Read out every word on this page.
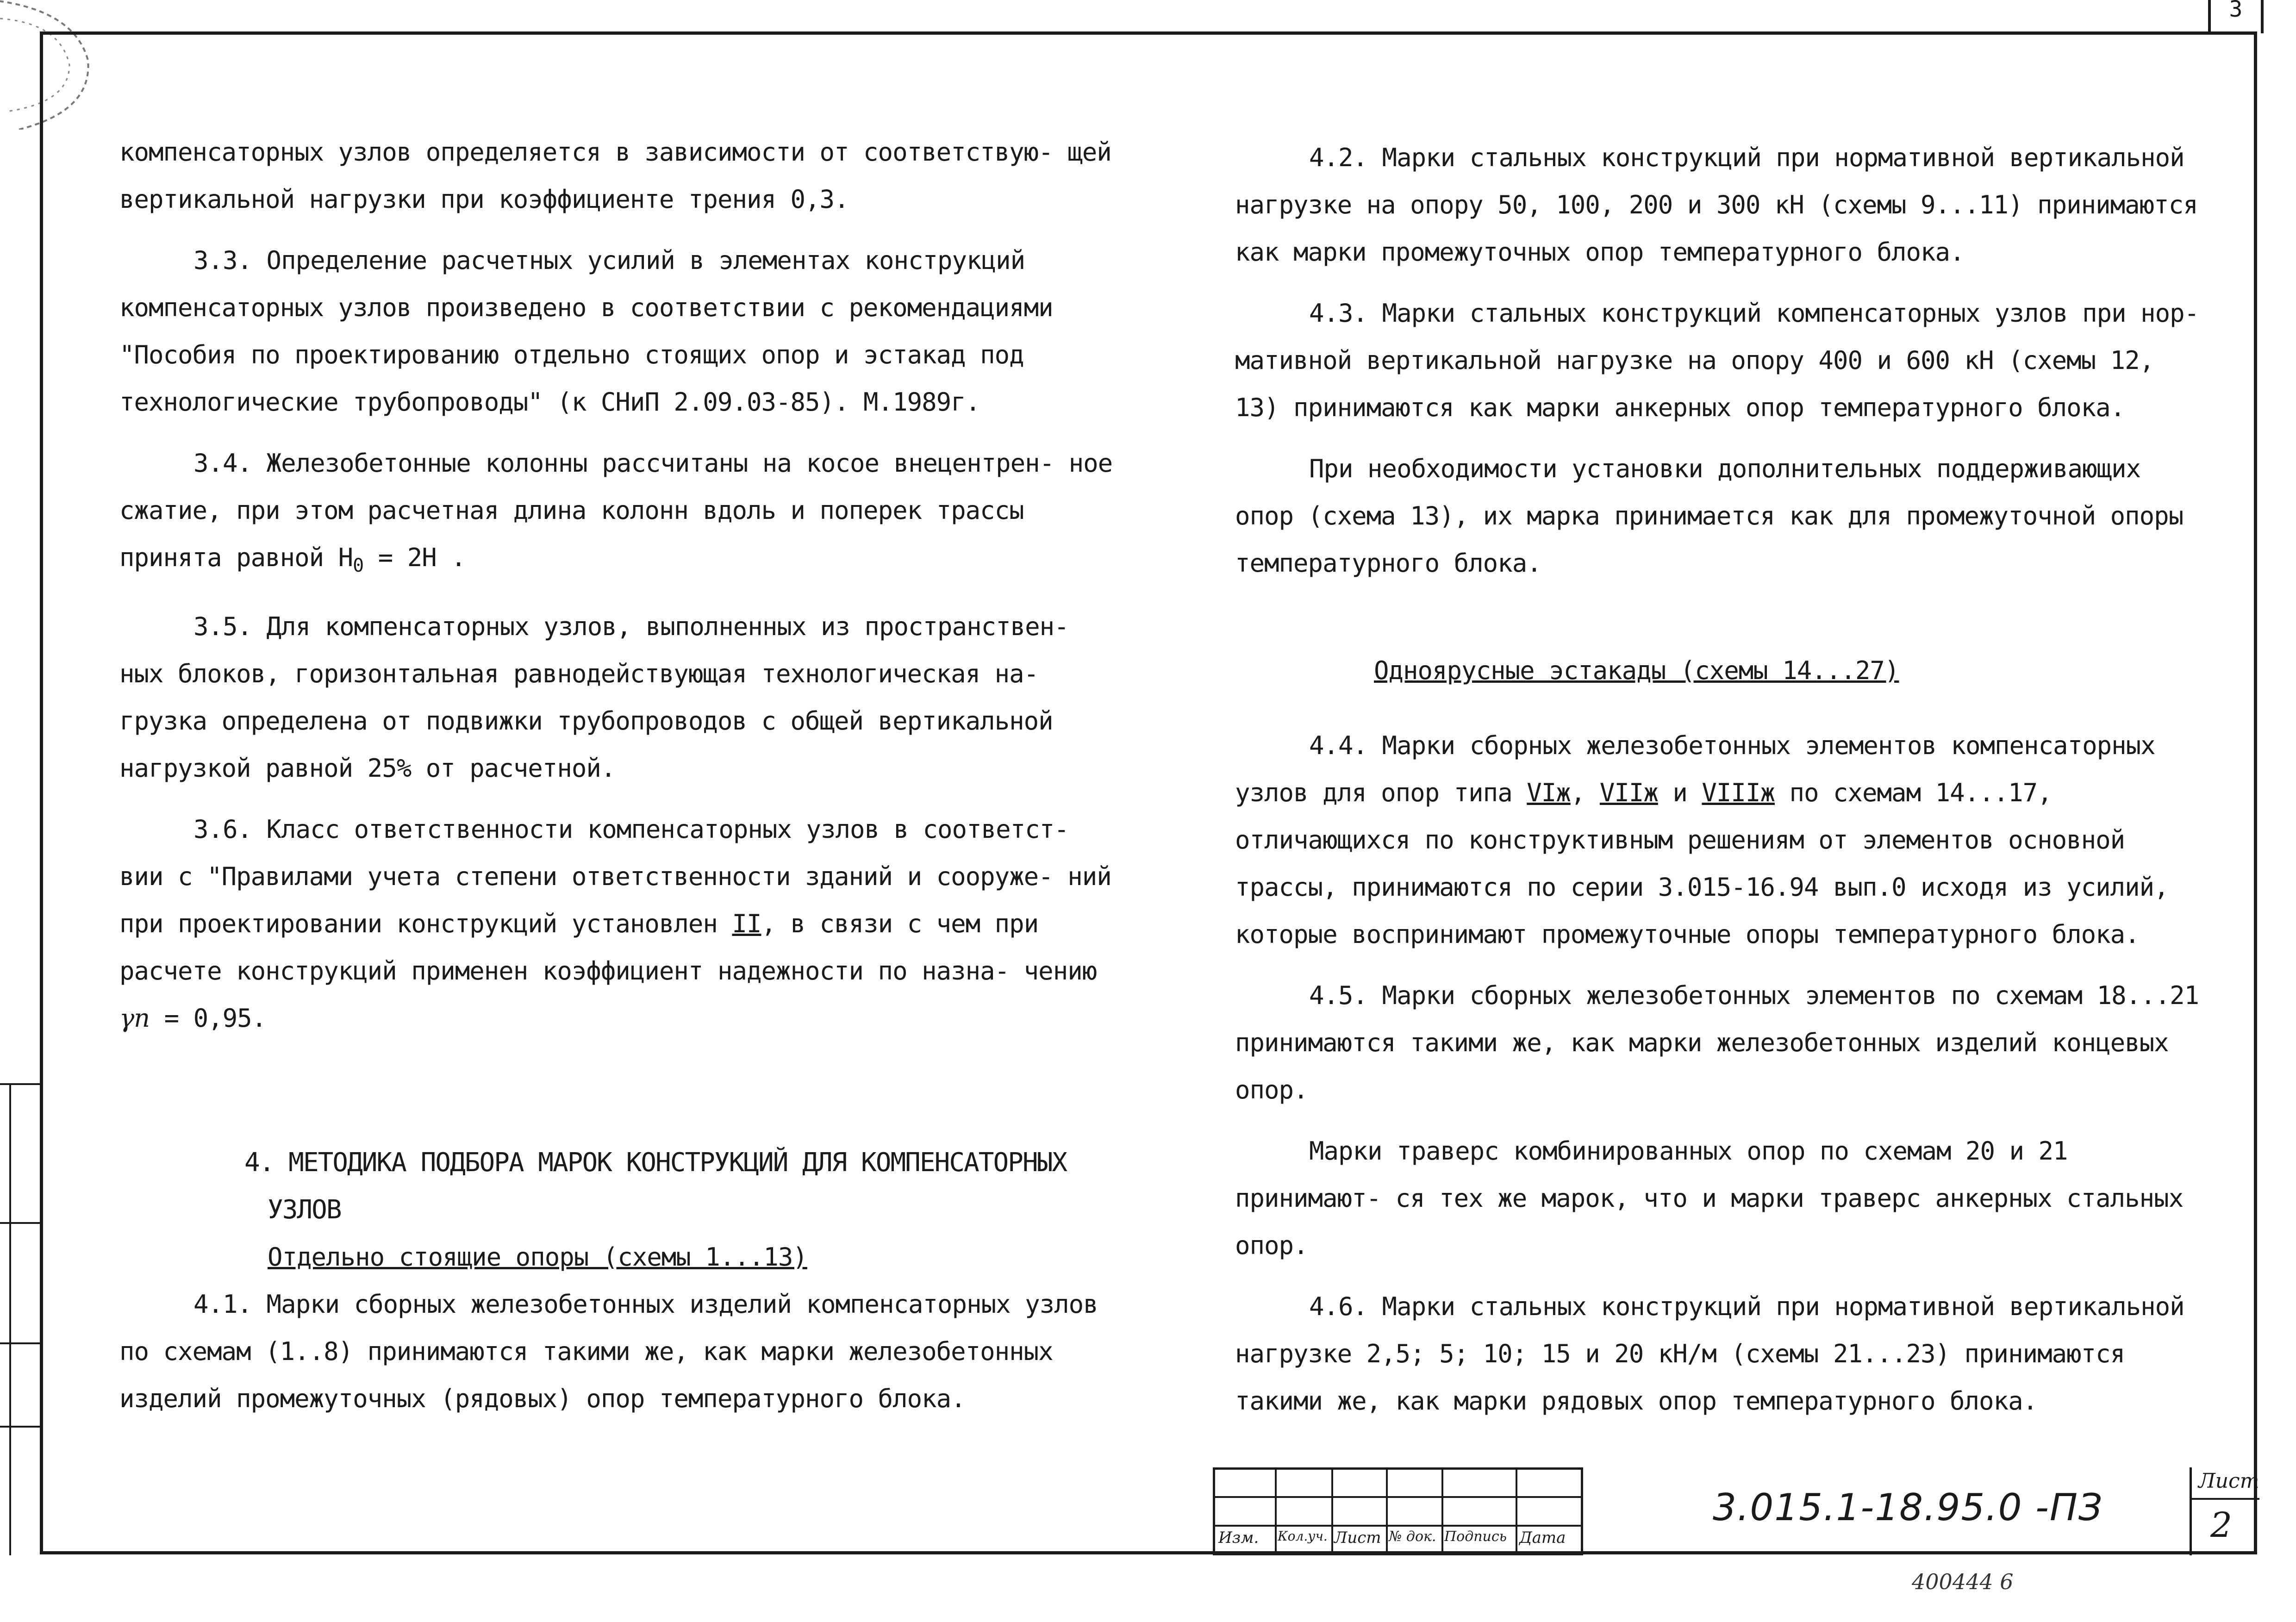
3

компенсаторных узлов определяется в зависимости от соответствую- щей вертикальной нагрузки при коэффициенте трения 0,3.

3.3. Определение расчетных усилий в элементах конструкций компенсаторных узлов произведено в соответствии с рекомендациями "Пособия по проектированию отдельно стоящих опор и эстакад под технологические трубопроводы" (к СНиП 2.09.03-85). М.1989г.

3.4. Железобетонные колонны рассчитаны на косое внецентрен- ное сжатие, при этом расчетная длина колонн вдоль и поперек трассы принята равной $H_0 = 2H$ .

3.5. Для компенсаторных узлов, выполненных из пространствен- ных блоков, горизонтальная равнодействующая технологическая на- грузка определена от подвижки трубопроводов с общей вертикальной нагрузкой равной 25% от расчетной.

3.6. Класс ответственности компенсаторных узлов в соответст- вии с "Правилами учета степени ответственности зданий и сооруже- ний при проектировании конструкций установлен II, в связи с чем при расчете конструкций применен коэффициент надежности по назна- чению γn = 0,95.

4. МЕТОДИКА ПОДБОРА МАРОК КОНСТРУКЦИЙ ДЛЯ КОМПЕНСАТОРНЫХ УЗЛОВ

Отдельно стоящие опоры (схемы 1...13)

4.1. Марки сборных железобетонных изделий компенсаторных узлов по схемам (1..8) принимаются такими же, как марки железобетонных изделий промежуточных (рядовых) опор температурного блока.

4.2. Марки стальных конструкций при нормативной вертикальной нагрузке на опору 50, 100, 200 и 300 кН (схемы 9...11) принимаются как марки промежуточных опор температурного блока.

4.3. Марки стальных конструкций компенсаторных узлов при нор- мативной вертикальной нагрузке на опору 400 и 600 кН (схемы 12, 13) принимаются как марки анкерных опор температурного блока.

При необходимости установки дополнительных поддерживающих опор (схема 13), их марка принимается как для промежуточной опоры температурного блока.

Одноярусные эстакады (схемы 14...27)

4.4. Марки сборных железобетонных элементов компенсаторных узлов для опор типа VIж, VIIж и VIIIж по схемам 14...17, отличающихся по конструктивным решениям от элементов основной трассы, принимаются по серии 3.015-16.94 вып.0 исходя из усилий, которые воспринимают промежуточные опоры температурного блока.

4.5. Марки сборных железобетонных элементов по схемам 18...21 принимаются такими же, как марки железобетонных изделий концевых опор.

Марки траверс комбинированных опор по схемам 20 и 21 принимают- ся тех же марок, что и марки траверс анкерных стальных опор.

4.6. Марки стальных конструкций при нормативной вертикальной нагрузке 2,5; 5; 10; 15 и 20 кН/м (схемы 21...23) принимаются такими же, как марки рядовых опор температурного блока.

Изм. Кол.уч. Лист № док. Подпись Дата
3.015.1-18.95.0 -ПЗ
Лист
2
400444 6
